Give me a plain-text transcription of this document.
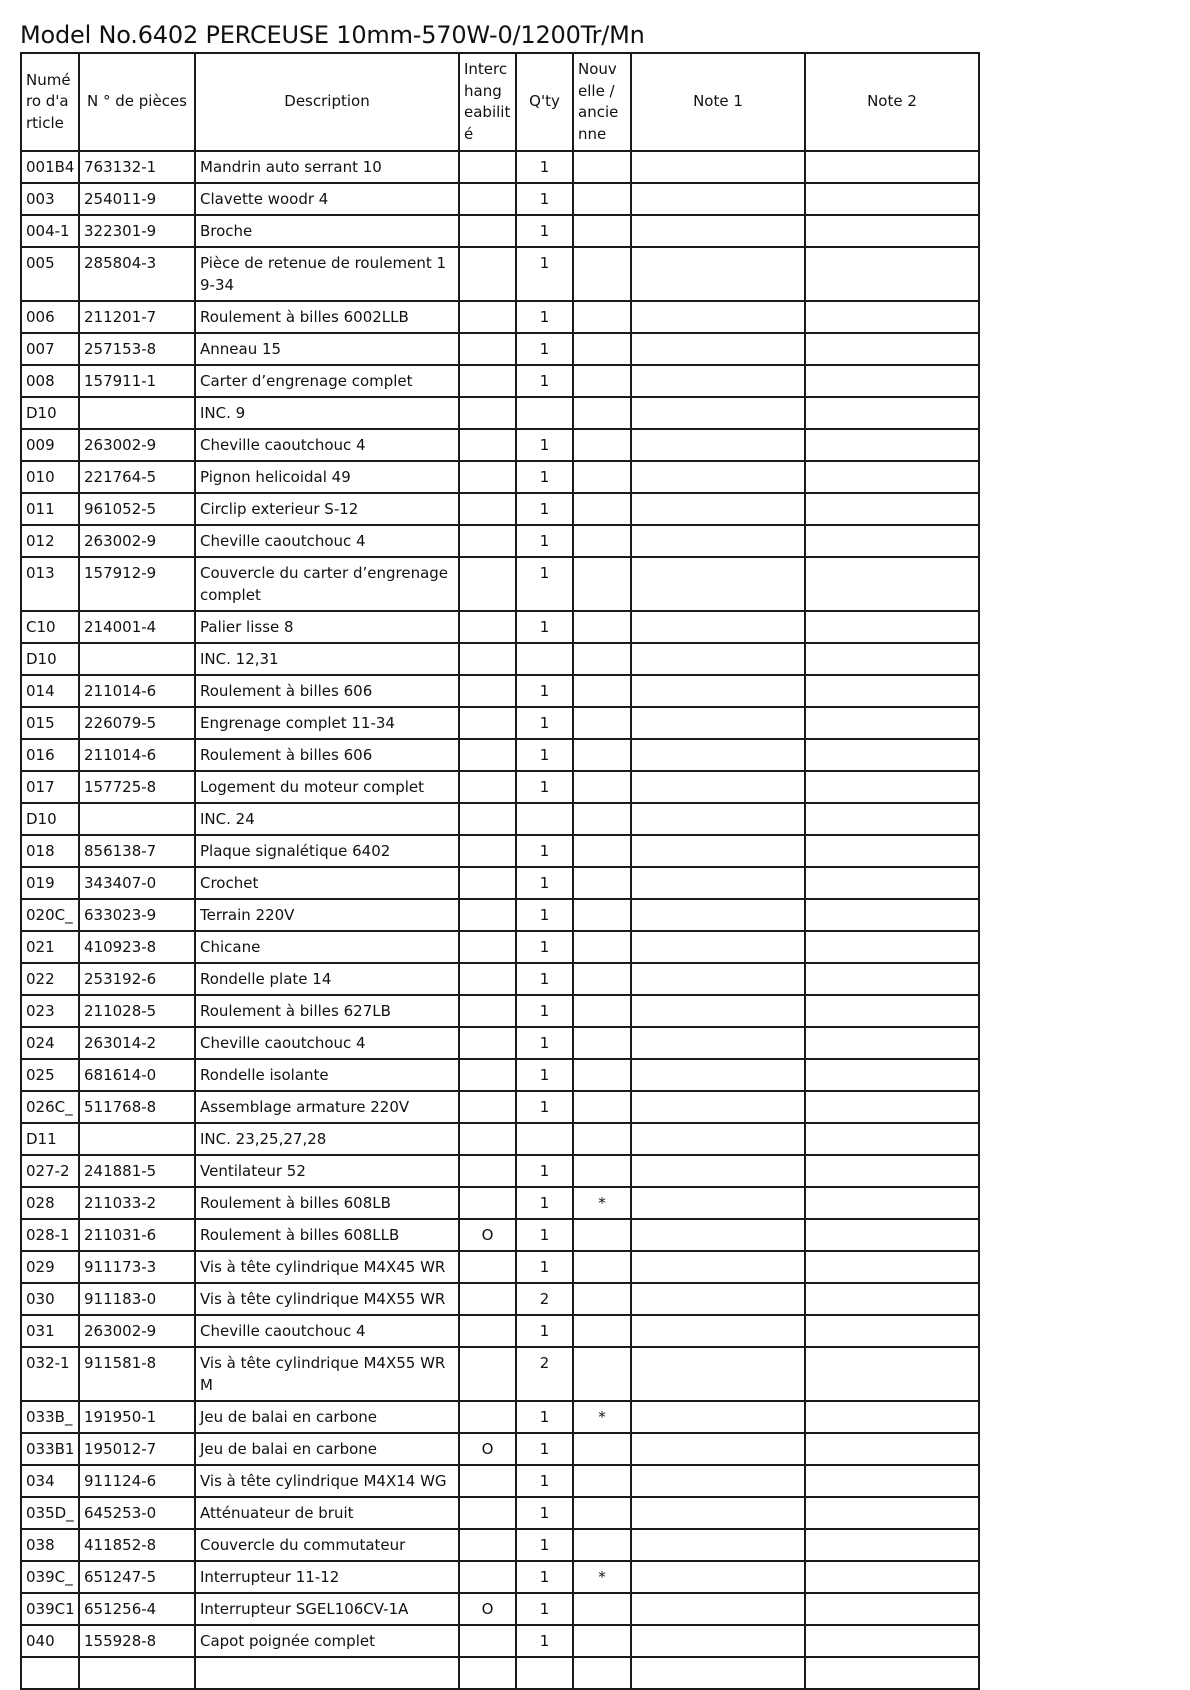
Model No.6402 PERCEUSE 10mm-570W-0/1200Tr/Mn
Numé ro d'a rticle	N ° de pièces	Description	Interc hang eabilit é	Q'ty	Nouv elle / ancie nne	Note 1	Note 2
001B4	763132-1	Mandrin auto serrant 10		1			
003	254011-9	Clavette woodr 4		1			
004-1	322301-9	Broche		1			
005	285804-3	Pièce de retenue de roulement 1
9-34		1			
006	211201-7	Roulement à billes 6002LLB		1			
007	257153-8	Anneau 15		1			
008	157911-1	Carter d’engrenage complet		1			
D10		INC. 9					
009	263002-9	Cheville caoutchouc 4		1			
010	221764-5	Pignon helicoidal 49		1			
011	961052-5	Circlip exterieur S-12		1			
012	263002-9	Cheville caoutchouc 4		1			
013	157912-9	Couvercle du carter d’engrenage
complet		1			
C10	214001-4	Palier lisse 8		1			
D10		INC. 12,31					
014	211014-6	Roulement à billes 606		1			
015	226079-5	Engrenage complet 11-34		1			
016	211014-6	Roulement à billes 606		1			
017	157725-8	Logement du moteur complet		1			
D10		INC. 24					
018	856138-7	Plaque signalétique 6402		1			
019	343407-0	Crochet		1			
020C_	633023-9	Terrain 220V		1			
021	410923-8	Chicane		1			
022	253192-6	Rondelle plate 14		1			
023	211028-5	Roulement à billes 627LB		1			
024	263014-2	Cheville caoutchouc 4		1			
025	681614-0	Rondelle isolante		1			
026C_	511768-8	Assemblage armature 220V		1			
D11		INC. 23,25,27,28					
027-2	241881-5	Ventilateur 52		1			
028	211033-2	Roulement à billes 608LB		1	*		
028-1	211031-6	Roulement à billes 608LLB	O	1			
029	911173-3	Vis à tête cylindrique M4X45 WR		1			
030	911183-0	Vis à tête cylindrique M4X55 WR		2			
031	263002-9	Cheville caoutchouc 4		1			
032-1	911581-8	Vis à tête cylindrique M4X55 WR
M		2			
033B_	191950-1	Jeu de balai en carbone		1	*		
033B1	195012-7	Jeu de balai en carbone	O	1			
034	911124-6	Vis à tête cylindrique M4X14 WG		1			
035D_	645253-0	Atténuateur de bruit		1			
038	411852-8	Couvercle du commutateur		1			
039C_	651247-5	Interrupteur 11-12		1	*		
039C1	651256-4	Interrupteur SGEL106CV-1A	O	1			
040	155928-8	Capot poignée complet		1			
